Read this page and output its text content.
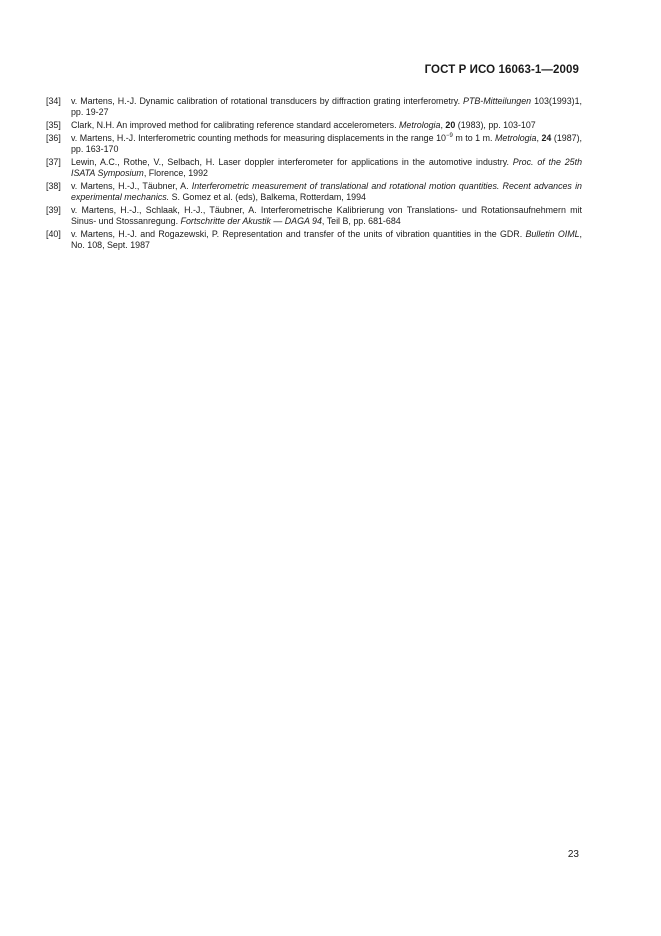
ГОСТ Р ИСО 16063-1—2009
[34]	v. Martens, H.-J. Dynamic calibration of rotational transducers by diffraction grating interferometry. PTB-Mitteilungen 103(1993)1, pp. 19-27
[35]	Clark, N.H. An improved method for calibrating reference standard accelerometers. Metrologia, 20 (1983), pp. 103-107
[36]	v. Martens, H.-J. Interferometric counting methods for measuring displacements in the range $10^{-9}$ m to 1 m. Metrologia, 24 (1987), pp. 163-170
[37]	Lewin, A.C., Rothe, V., Selbach, H. Laser doppler interferometer for applications in the automotive industry. Proc. of the 25th ISATA Symposium, Florence, 1992
[38]	v. Martens, H.-J., Täubner, A. Interferometric measurement of translational and rotational motion quantities. Recent advances in experimental mechanics. S. Gomez et al. (eds), Balkema, Rotterdam, 1994
[39]	v. Martens, H.-J., Schlaak, H.-J., Täubner, A. Interferometrische Kalibrierung von Translations- und Rotationsaufnehmern mit Sinus- und Stossanregung. Fortschritte der Akustik — DAGA 94, Teil B, pp. 681-684
[40]	v. Martens, H.-J. and Rogazewski, P. Representation and transfer of the units of vibration quantities in the GDR. Bulletin OIML, No. 108, Sept. 1987
23
